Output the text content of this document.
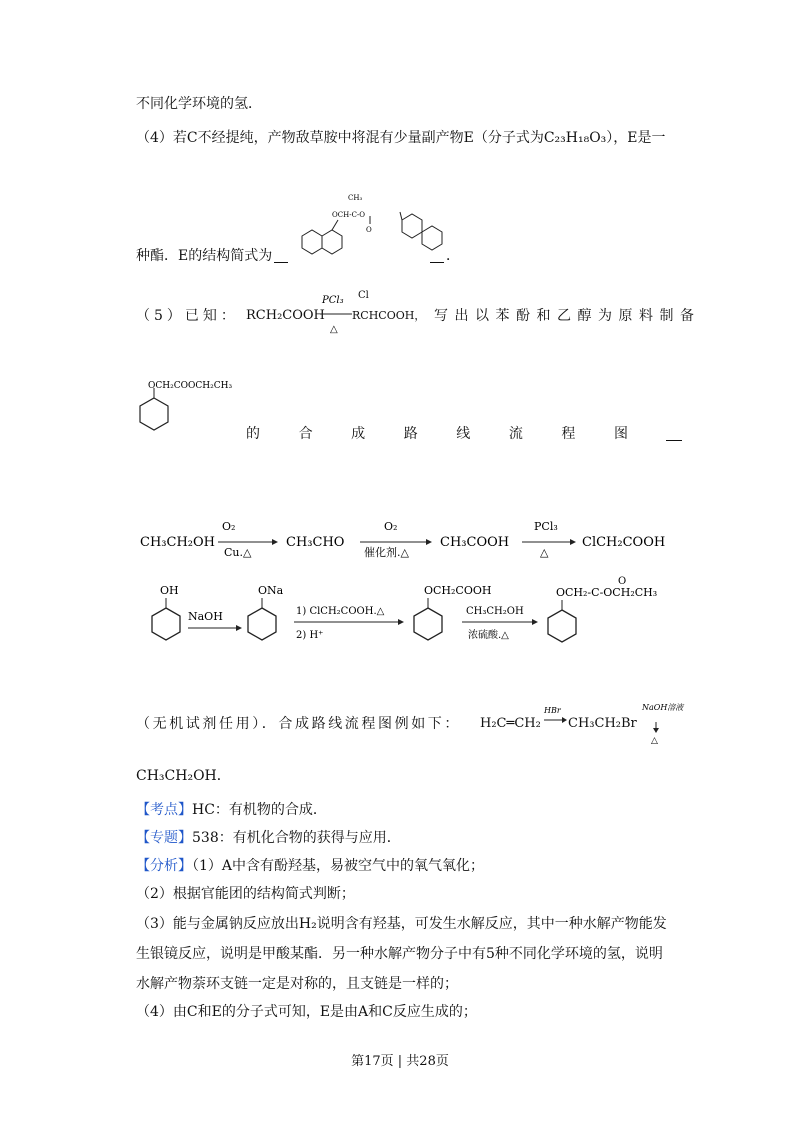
不同化学环境的氢．
（4）若C不经提纯，产物敌草胺中将混有少量副产物E（分子式为C₂₃H₁₈O₃），E是一
CH₃
OCH-C-O
O
种酯．E的结构简式为	．
（5）已知： RCH₂COOH
PCl₃
△
Cl
RCHCOOH， 写出以苯酚和乙醇为原料制备
OCH₂COOCH₂CH₃
的	合	成	路	线	流	程	图
CH₃CH₂OH
O₂
Cu.△
CH₃CHO
O₂
催化剂.△
CH₃COOH
PCl₃
△
ClCH₂COOH
OH
NaOH
ONa
1) ClCH₂COOH.△
2) H⁺
OCH₂COOH
CH₃CH₂OH
浓硫酸.△
O
OCH₂-C-OCH₂CH₃
（无机试剂任用）．合成路线流程图例如下： H₂C═CH₂
HBr
CH₃CH₂Br
NaOH溶液
△
CH₃CH₂OH．
【考点】HC：有机物的合成．
【专题】538：有机化合物的获得与应用．
【分析】（1）A中含有酚羟基，易被空气中的氧气氧化；
（2）根据官能团的结构简式判断；
（3）能与金属钠反应放出H₂说明含有羟基，可发生水解反应，其中一种水解产物能发
生银镜反应，说明是甲酸某酯．另一种水解产物分子中有5种不同化学环境的氢，说明
水解产物萘环支链一定是对称的，且支链是一样的；
（4）由C和E的分子式可知，E是由A和C反应生成的；
第17页 | 共28页
